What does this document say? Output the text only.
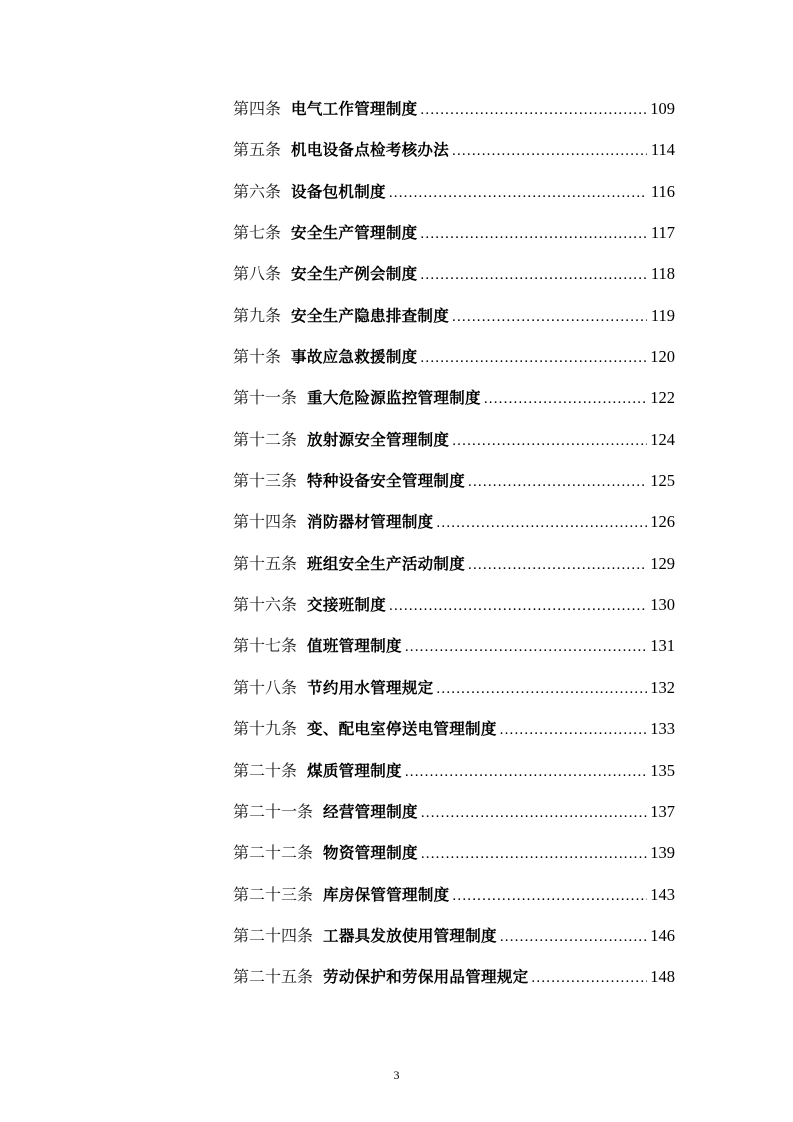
第四条 电气工作管理制度 .....	109
第五条 机电设备点检考核办法 .....	114
第六条 设备包机制度 .....	116
第七条 安全生产管理制度 .....	117
第八条 安全生产例会制度 .....	118
第九条 安全生产隐患排查制度 .....	119
第十条 事故应急救援制度 .....	120
第十一条 重大危险源监控管理制度 .....	122
第十二条 放射源安全管理制度 .....	124
第十三条 特种设备安全管理制度 .....	125
第十四条 消防器材管理制度 .....	126
第十五条 班组安全生产活动制度 .....	129
第十六条 交接班制度 .....	130
第十七条 值班管理制度 .....	131
第十八条 节约用水管理规定 .....	132
第十九条 变、配电室停送电管理制度 .....	133
第二十条 煤质管理制度 .....	135
第二十一条 经营管理制度 .....	137
第二十二条 物资管理制度 .....	139
第二十三条 库房保管管理制度 .....	143
第二十四条 工器具发放使用管理制度 .....	146
第二十五条 劳动保护和劳保用品管理规定 .....	148
3
